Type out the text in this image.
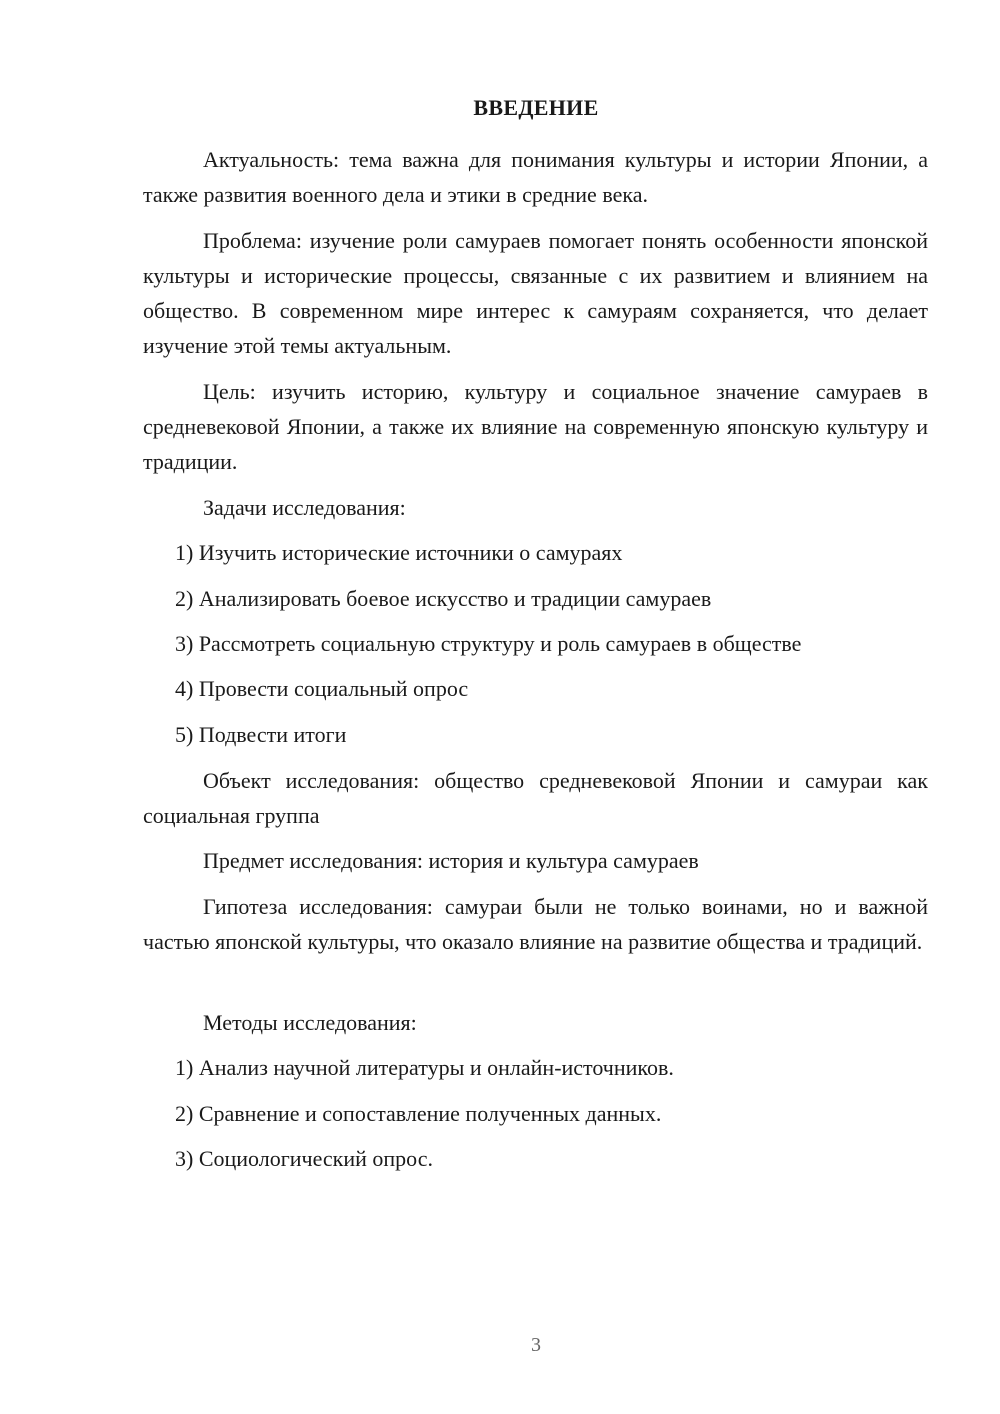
ВВЕДЕНИЕ

Актуальность: тема важна для понимания культуры и истории Японии, а также развития военного дела и этики в средние века.

Проблема: изучение роли самураев помогает понять особенности японской культуры и исторические процессы, связанные с их развитием и влиянием на общество. В современном мире интерес к самураям сохраняется, что делает изучение этой темы актуальным.

Цель: изучить историю, культуру и социальное значение самураев в средневековой Японии, а также их влияние на современную японскую культуру и традиции.

Задачи исследования:

1) Изучить исторические источники о самураях

2) Анализировать боевое искусство и традиции самураев

3) Рассмотреть социальную структуру и роль самураев в обществе

4) Провести социальный опрос

5) Подвести итоги

Объект исследования: общество средневековой Японии и самураи как социальная группа

Предмет исследования: история и культура самураев

Гипотеза исследования: самураи были не только воинами, но и важной частью японской культуры, что оказало влияние на развитие общества и традиций.

Методы исследования:

1) Анализ научной литературы и онлайн-источников.

2) Сравнение и сопоставление полученных данных.

3) Социологический опрос.

3
